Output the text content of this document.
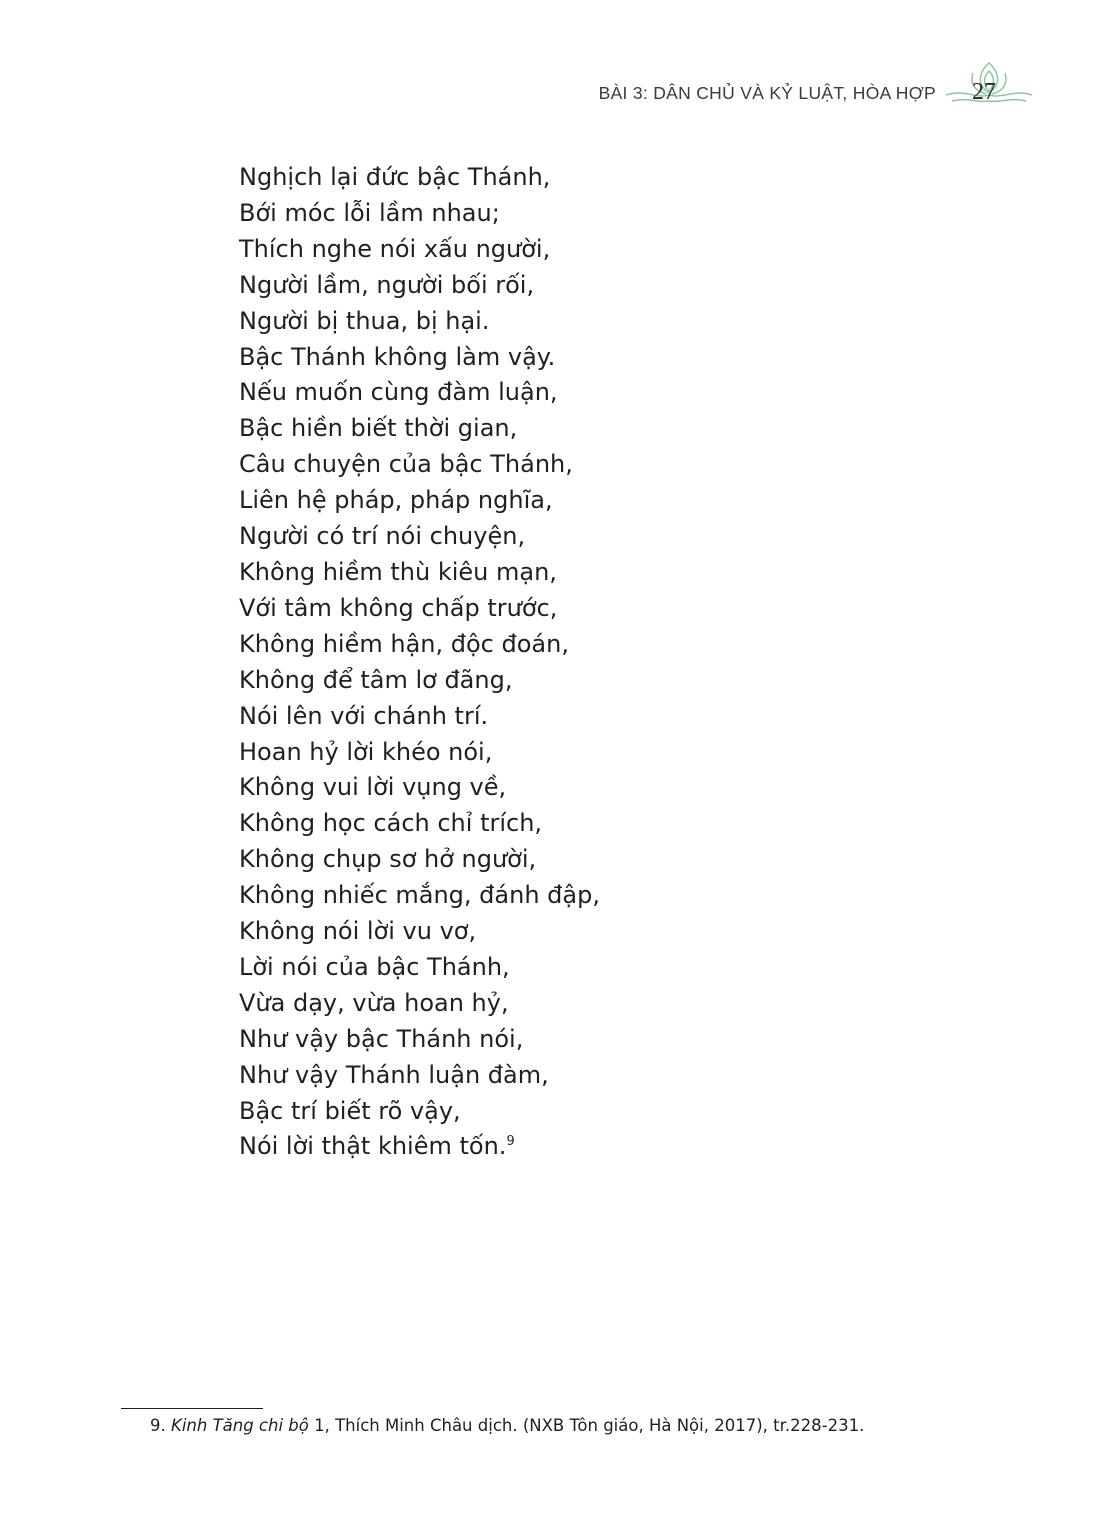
BÀI 3: DÂN CHỦ VÀ KỶ LUẬT, HÒA HỢP 27
Nghịch lại đức bậc Thánh,
Bới móc lỗi lầm nhau;
Thích nghe nói xấu người,
Người lầm, người bối rối,
Người bị thua, bị hại.
Bậc Thánh không làm vậy.
Nếu muốn cùng đàm luận,
Bậc hiền biết thời gian,
Câu chuyện của bậc Thánh,
Liên hệ pháp, pháp nghĩa,
Người có trí nói chuyện,
Không hiềm thù kiêu mạn,
Với tâm không chấp trước,
Không hiềm hận, độc đoán,
Không để tâm lơ đãng,
Nói lên với chánh trí.
Hoan hỷ lời khéo nói,
Không vui lời vụng về,
Không học cách chỉ trích,
Không chụp sơ hở người,
Không nhiếc mắng, đánh đập,
Không nói lời vu vơ,
Lời nói của bậc Thánh,
Vừa dạy, vừa hoan hỷ,
Như vậy bậc Thánh nói,
Như vậy Thánh luận đàm,
Bậc trí biết rõ vậy,
Nói lời thật khiêm tốn.$^9$
9. Kinh Tăng chi bộ 1, Thích Minh Châu dịch. (NXB Tôn giáo, Hà Nội, 2017), tr.228-231.
